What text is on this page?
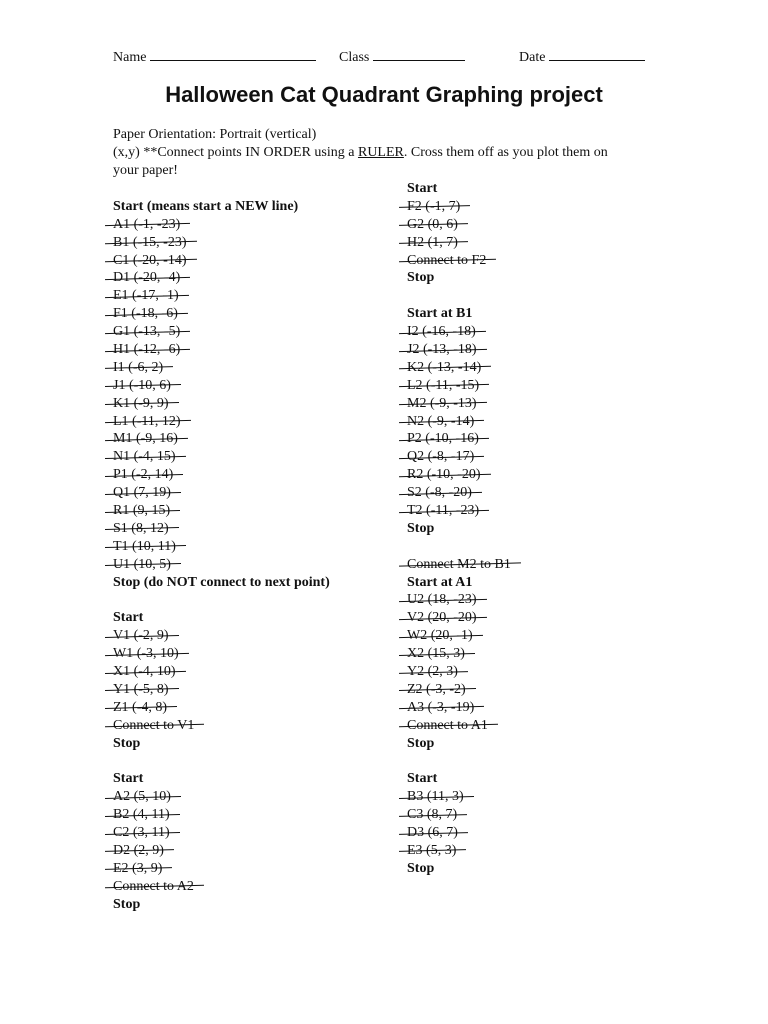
Name	Class	Date
Halloween Cat Quadrant Graphing project
Paper Orientation: Portrait (vertical)
(x,y) **Connect points IN ORDER using a RULER. Cross them off as you plot them on
your paper!
Start (means start a NEW line)
A1 (-1, -23)
B1 (-15, -23)
C1 (-20, -14)
D1 (-20, -4)
E1 (-17, -1)
F1 (-18, -6)
G1 (-13, -5)
H1 (-12, -6)
I1 (-6, 2)
J1 (-10, 6)
K1 (-9, 9)
L1 (-11, 12)
M1 (-9, 16)
N1 (-4, 15)
P1 (-2, 14)
Q1 (7, 19)
R1 (9, 15)
S1 (8, 12)
T1 (10, 11)
U1 (10, 5)
Stop (do NOT connect to next point)
Start
V1 (-2, 9)
W1 (-3, 10)
X1 (-4, 10)
Y1 (-5, 8)
Z1 (-4, 8)
Connect to V1
Stop
Start
A2 (5, 10)
B2 (4, 11)
C2 (3, 11)
D2 (2, 9)
E2 (3, 9)
Connect to A2
Stop
Start
F2 (-1, 7)
G2 (0, 6)
H2 (1, 7)
Connect to F2
Stop
Start at B1
I2 (-16, -18)
J2 (-13, -18)
K2 (-13, -14)
L2 (-11, -15)
M2 (-9, -13)
N2 (-9, -14)
P2 (-10, -16)
Q2 (-8, -17)
R2 (-10, -20)
S2 (-8, -20)
T2 (-11, -23)
Stop
Connect M2 to B1
Start at A1
U2 (18, -23)
V2 (20, -20)
W2 (20, -1)
X2 (15, 3)
Y2 (2, 3)
Z2 (-3, -2)
A3 (-3, -19)
Connect to A1
Stop
Start
B3 (11, 3)
C3 (8, 7)
D3 (6, 7)
E3 (5, 3)
Stop
